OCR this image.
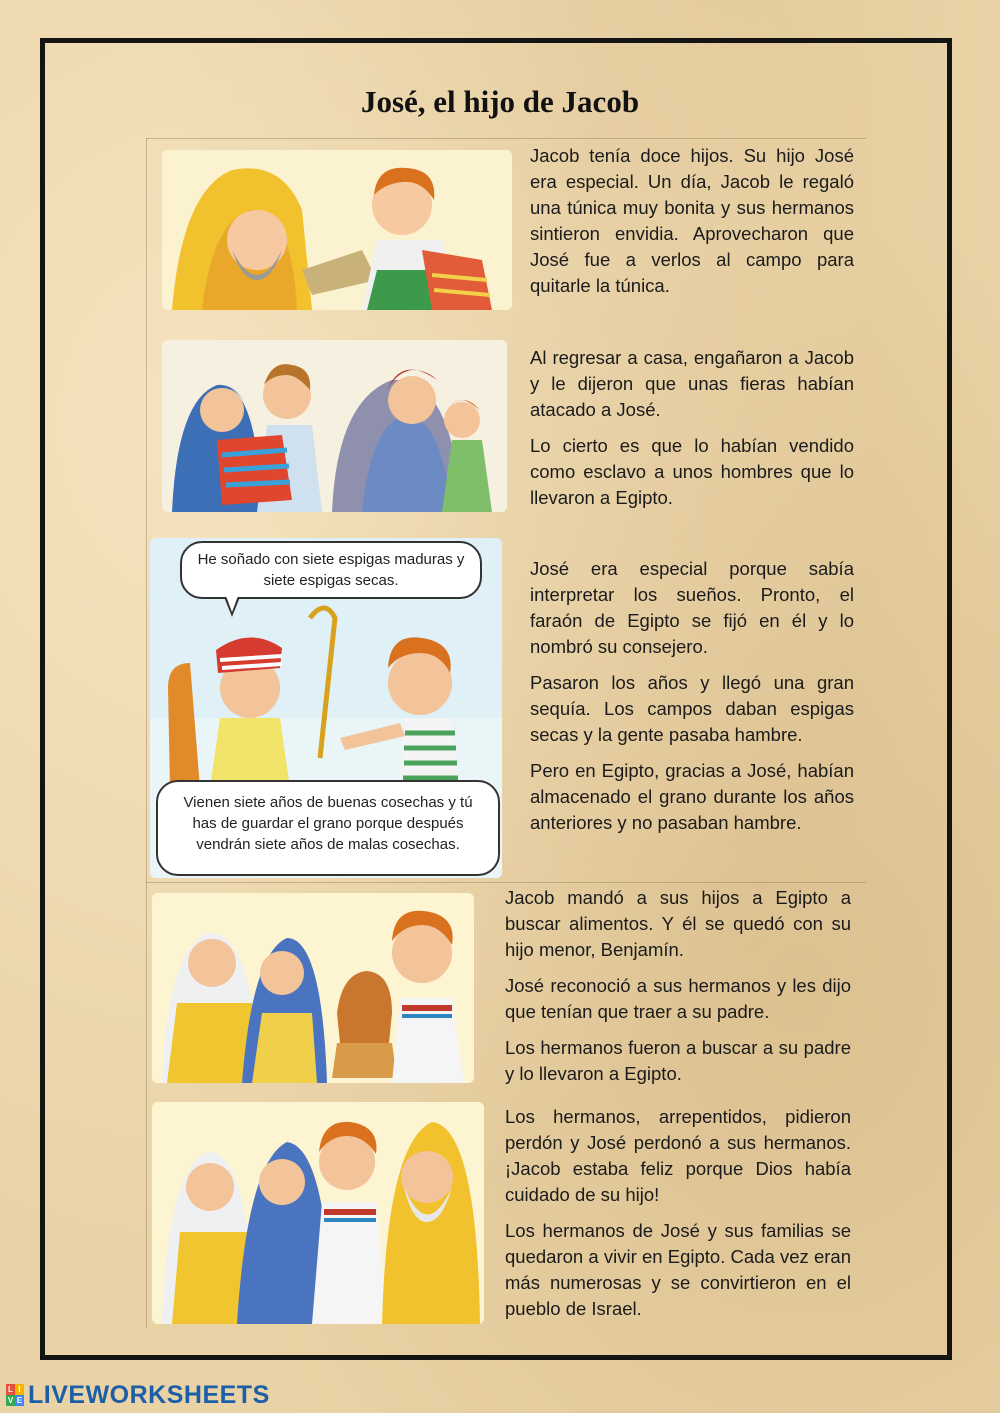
José, el hijo de Jacob
He soñado con siete espigas maduras y siete espigas secas.
Vienen siete años de buenas cosechas y tú has de guardar el grano porque después vendrán siete años de malas cosechas.

Jacob tenía doce hijos. Su hijo José era especial. Un día, Jacob le regaló una túnica muy bonita y sus hermanos sintieron envidia. Aprovecharon que José fue a verlos al campo para quitarle la túnica.

Al regresar a casa, engañaron a Jacob y le dijeron que unas fieras habían atacado a José.

Lo cierto es que lo habían vendido como esclavo a unos hombres que lo llevaron a Egipto.

José era especial porque sabía interpretar los sueños. Pronto, el faraón de Egipto se fijó en él y lo nombró su consejero.

Pasaron los años y llegó una gran sequía. Los campos daban espigas secas y la gente pasaba hambre.

Pero en Egipto, gracias a José, habían almacenado el grano durante los años anteriores y no pasaban hambre.

Jacob mandó a sus hijos a Egipto a buscar alimentos. Y él se quedó con su hijo menor, Benjamín.

José reconoció a sus hermanos y les dijo que tenían que traer a su padre.

Los hermanos fueron a buscar a su padre y lo llevaron a Egipto.

Los hermanos, arrepentidos, pidieron perdón y José perdonó a sus hermanos. ¡Jacob estaba feliz porque Dios había cuidado de su hijo!

Los hermanos de José y sus familias se quedaron a vivir en Egipto. Cada vez eran más numerosas y se convirtieron en el pueblo de Israel.

L I
V E LIVEWORKSHEETS
